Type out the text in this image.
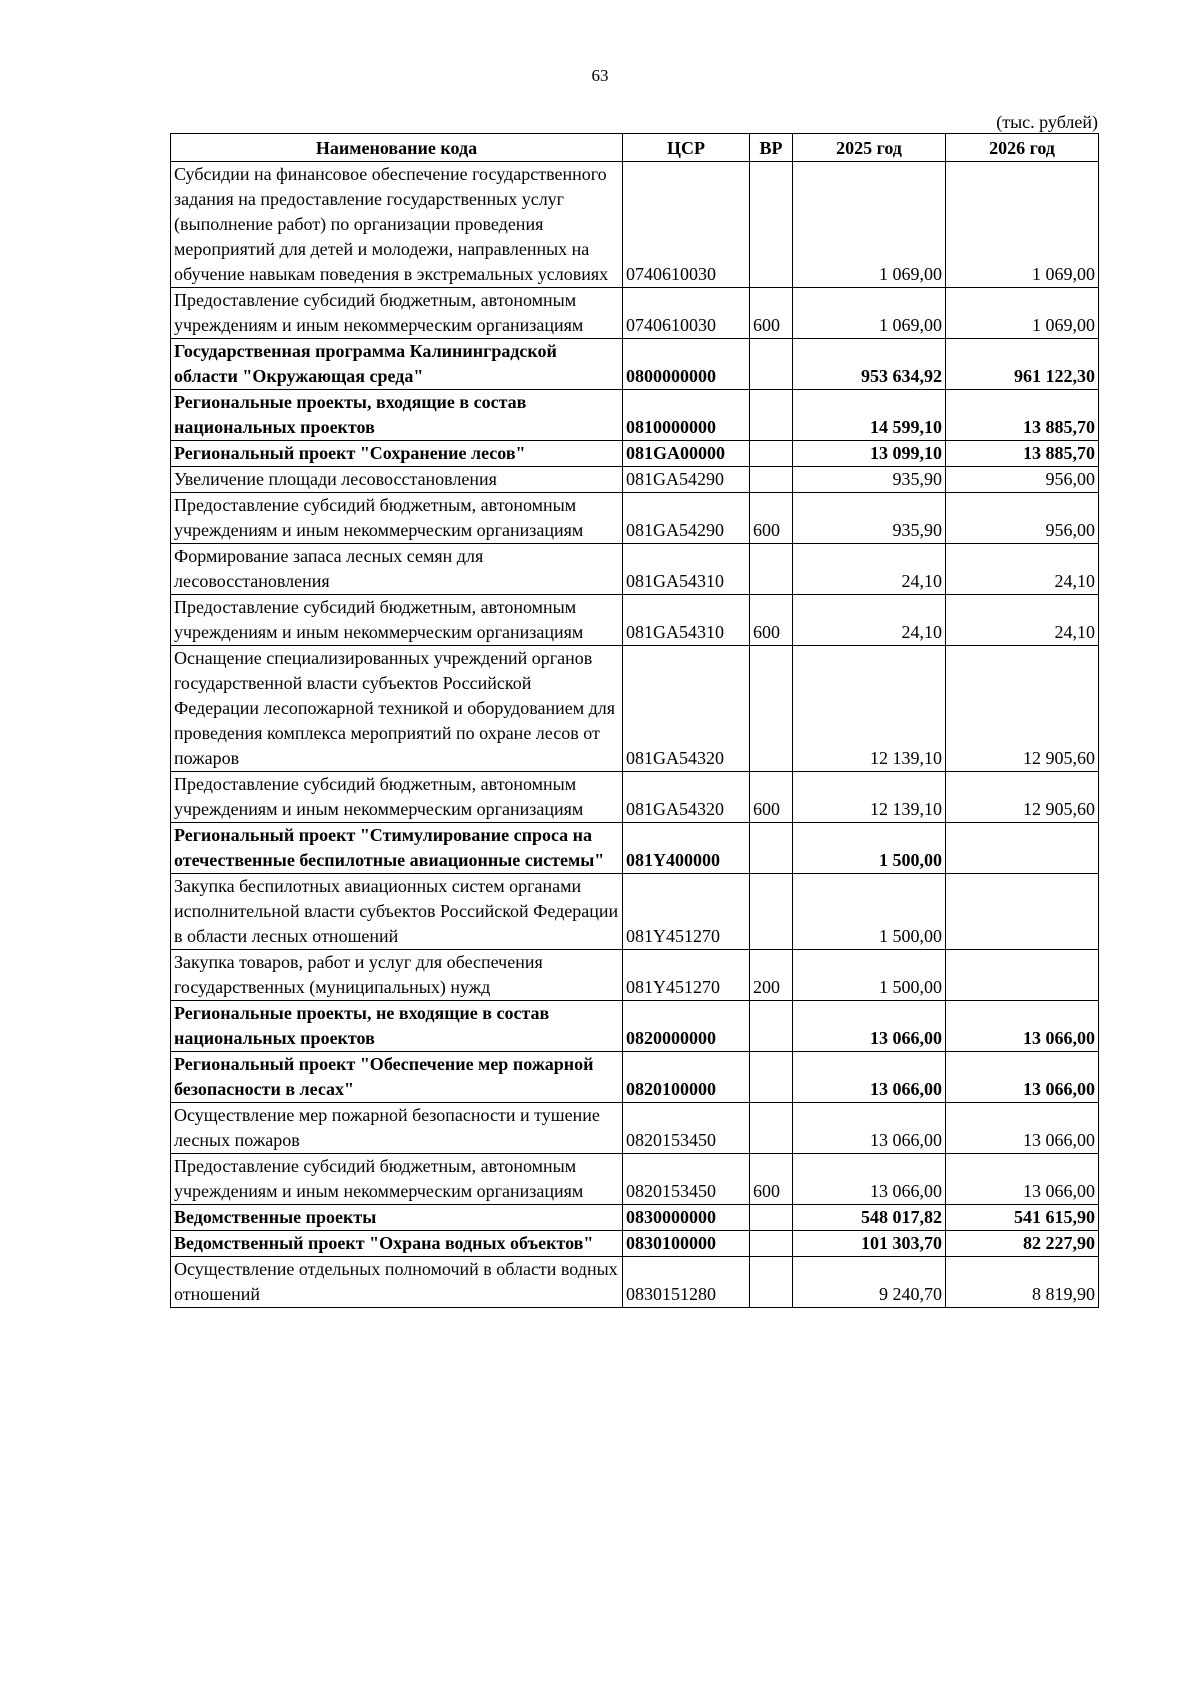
63
(тыс. рублей)
Наименование кода	ЦСР	ВР	2025 год	2026 год
Субсидии на финансовое обеспечение государственного задания на предоставление государственных услуг (выполнение работ) по организации проведения мероприятий для детей и молодежи, направленных на обучение навыкам поведения в экстремальных условиях	0740610030		1 069,00	1 069,00
Предоставление субсидий бюджетным, автономным учреждениям и иным некоммерческим организациям	0740610030	600	1 069,00	1 069,00
Государственная программа Калининградской области "Окружающая среда"	0800000000		953 634,92	961 122,30
Региональные проекты, входящие в состав национальных проектов	0810000000		14 599,10	13 885,70
Региональный проект "Сохранение лесов"	081GA00000		13 099,10	13 885,70
Увеличение площади лесовосстановления	081GA54290		935,90	956,00
Предоставление субсидий бюджетным, автономным учреждениям и иным некоммерческим организациям	081GA54290	600	935,90	956,00
Формирование запаса лесных семян для лесовосстановления	081GA54310		24,10	24,10
Предоставление субсидий бюджетным, автономным учреждениям и иным некоммерческим организациям	081GA54310	600	24,10	24,10
Оснащение специализированных учреждений органов государственной власти субъектов Российской Федерации лесопожарной техникой и оборудованием для проведения комплекса мероприятий по охране лесов от пожаров	081GA54320		12 139,10	12 905,60
Предоставление субсидий бюджетным, автономным учреждениям и иным некоммерческим организациям	081GA54320	600	12 139,10	12 905,60
Региональный проект "Стимулирование спроса на отечественные беспилотные авиационные системы"	081Y400000		1 500,00	
Закупка беспилотных авиационных систем органами исполнительной власти субъектов Российской Федерации в области лесных отношений	081Y451270		1 500,00	
Закупка товаров, работ и услуг для обеспечения государственных (муниципальных) нужд	081Y451270	200	1 500,00	
Региональные проекты, не входящие в состав национальных проектов	0820000000		13 066,00	13 066,00
Региональный проект "Обеспечение мер пожарной безопасности в лесах"	0820100000		13 066,00	13 066,00
Осуществление мер пожарной безопасности и тушение лесных пожаров	0820153450		13 066,00	13 066,00
Предоставление субсидий бюджетным, автономным учреждениям и иным некоммерческим организациям	0820153450	600	13 066,00	13 066,00
Ведомственные проекты	0830000000		548 017,82	541 615,90
Ведомственный проект "Охрана водных объектов"	0830100000		101 303,70	82 227,90
Осуществление отдельных полномочий в области водных отношений	0830151280		9 240,70	8 819,90
